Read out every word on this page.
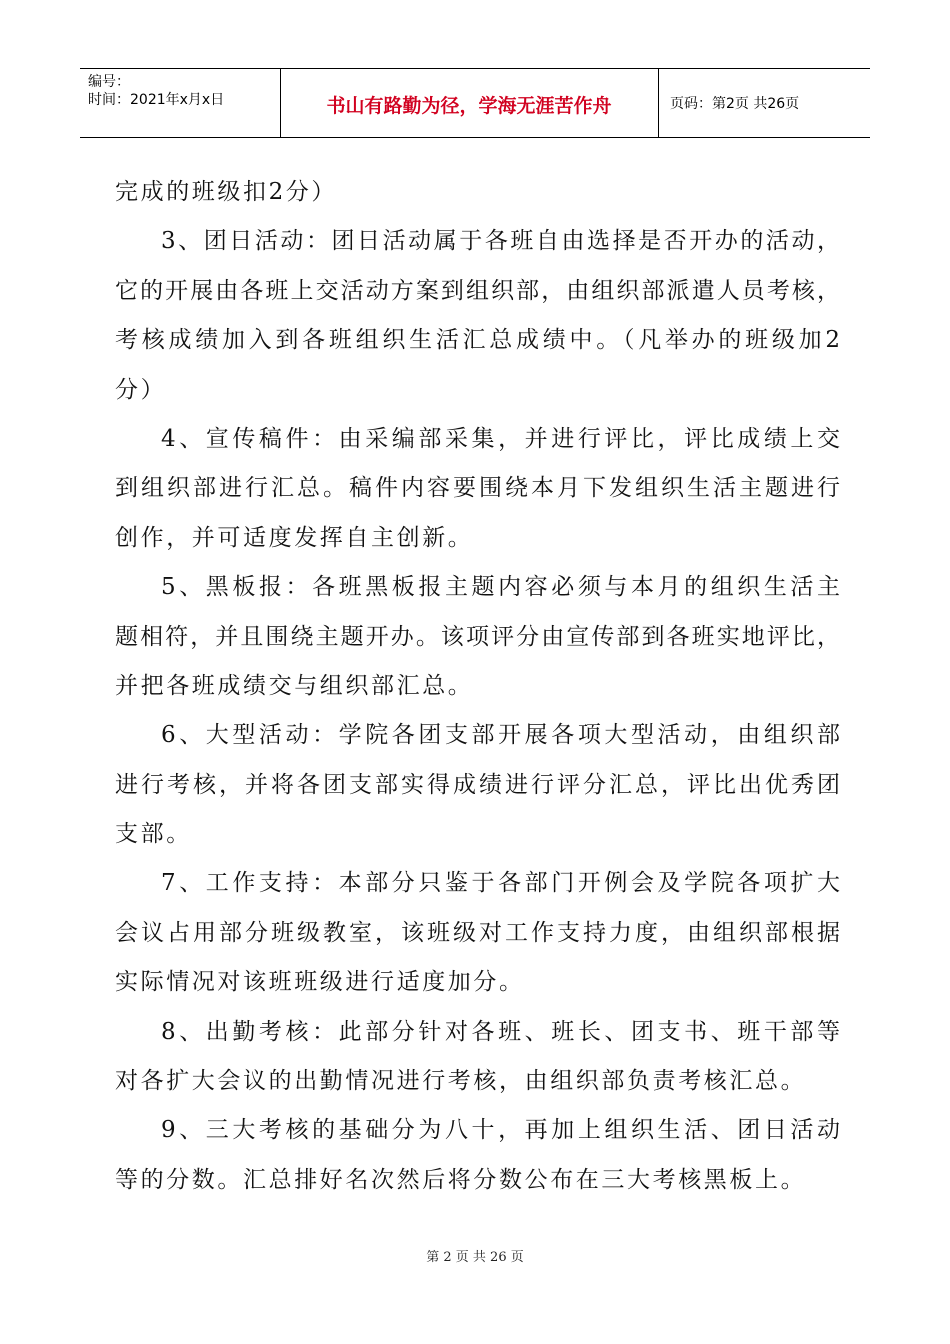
编号：
时间：2021年x月x日	书山有路勤为径，学海无涯苦作舟	页码：第2页 共26页
完成的班级扣2分）
3、团日活动：团日活动属于各班自由选择是否开办的活动，
它的开展由各班上交活动方案到组织部，由组织部派遣人员考核，
考核成绩加入到各班组织生活汇总成绩中。（凡举办的班级加2
分）
4、宣传稿件：由采编部采集，并进行评比，评比成绩上交
到组织部进行汇总。稿件内容要围绕本月下发组织生活主题进行
创作，并可适度发挥自主创新。
5、黑板报：各班黑板报主题内容必须与本月的组织生活主
题相符，并且围绕主题开办。该项评分由宣传部到各班实地评比，
并把各班成绩交与组织部汇总。
6、大型活动：学院各团支部开展各项大型活动，由组织部
进行考核，并将各团支部实得成绩进行评分汇总，评比出优秀团
支部。
7、工作支持：本部分只鉴于各部门开例会及学院各项扩大
会议占用部分班级教室，该班级对工作支持力度，由组织部根据
实际情况对该班班级进行适度加分。
8、出勤考核：此部分针对各班、班长、团支书、班干部等
对各扩大会议的出勤情况进行考核，由组织部负责考核汇总。
9、三大考核的基础分为八十，再加上组织生活、团日活动
等的分数。汇总排好名次然后将分数公布在三大考核黑板上。
第 2 页 共 26 页
